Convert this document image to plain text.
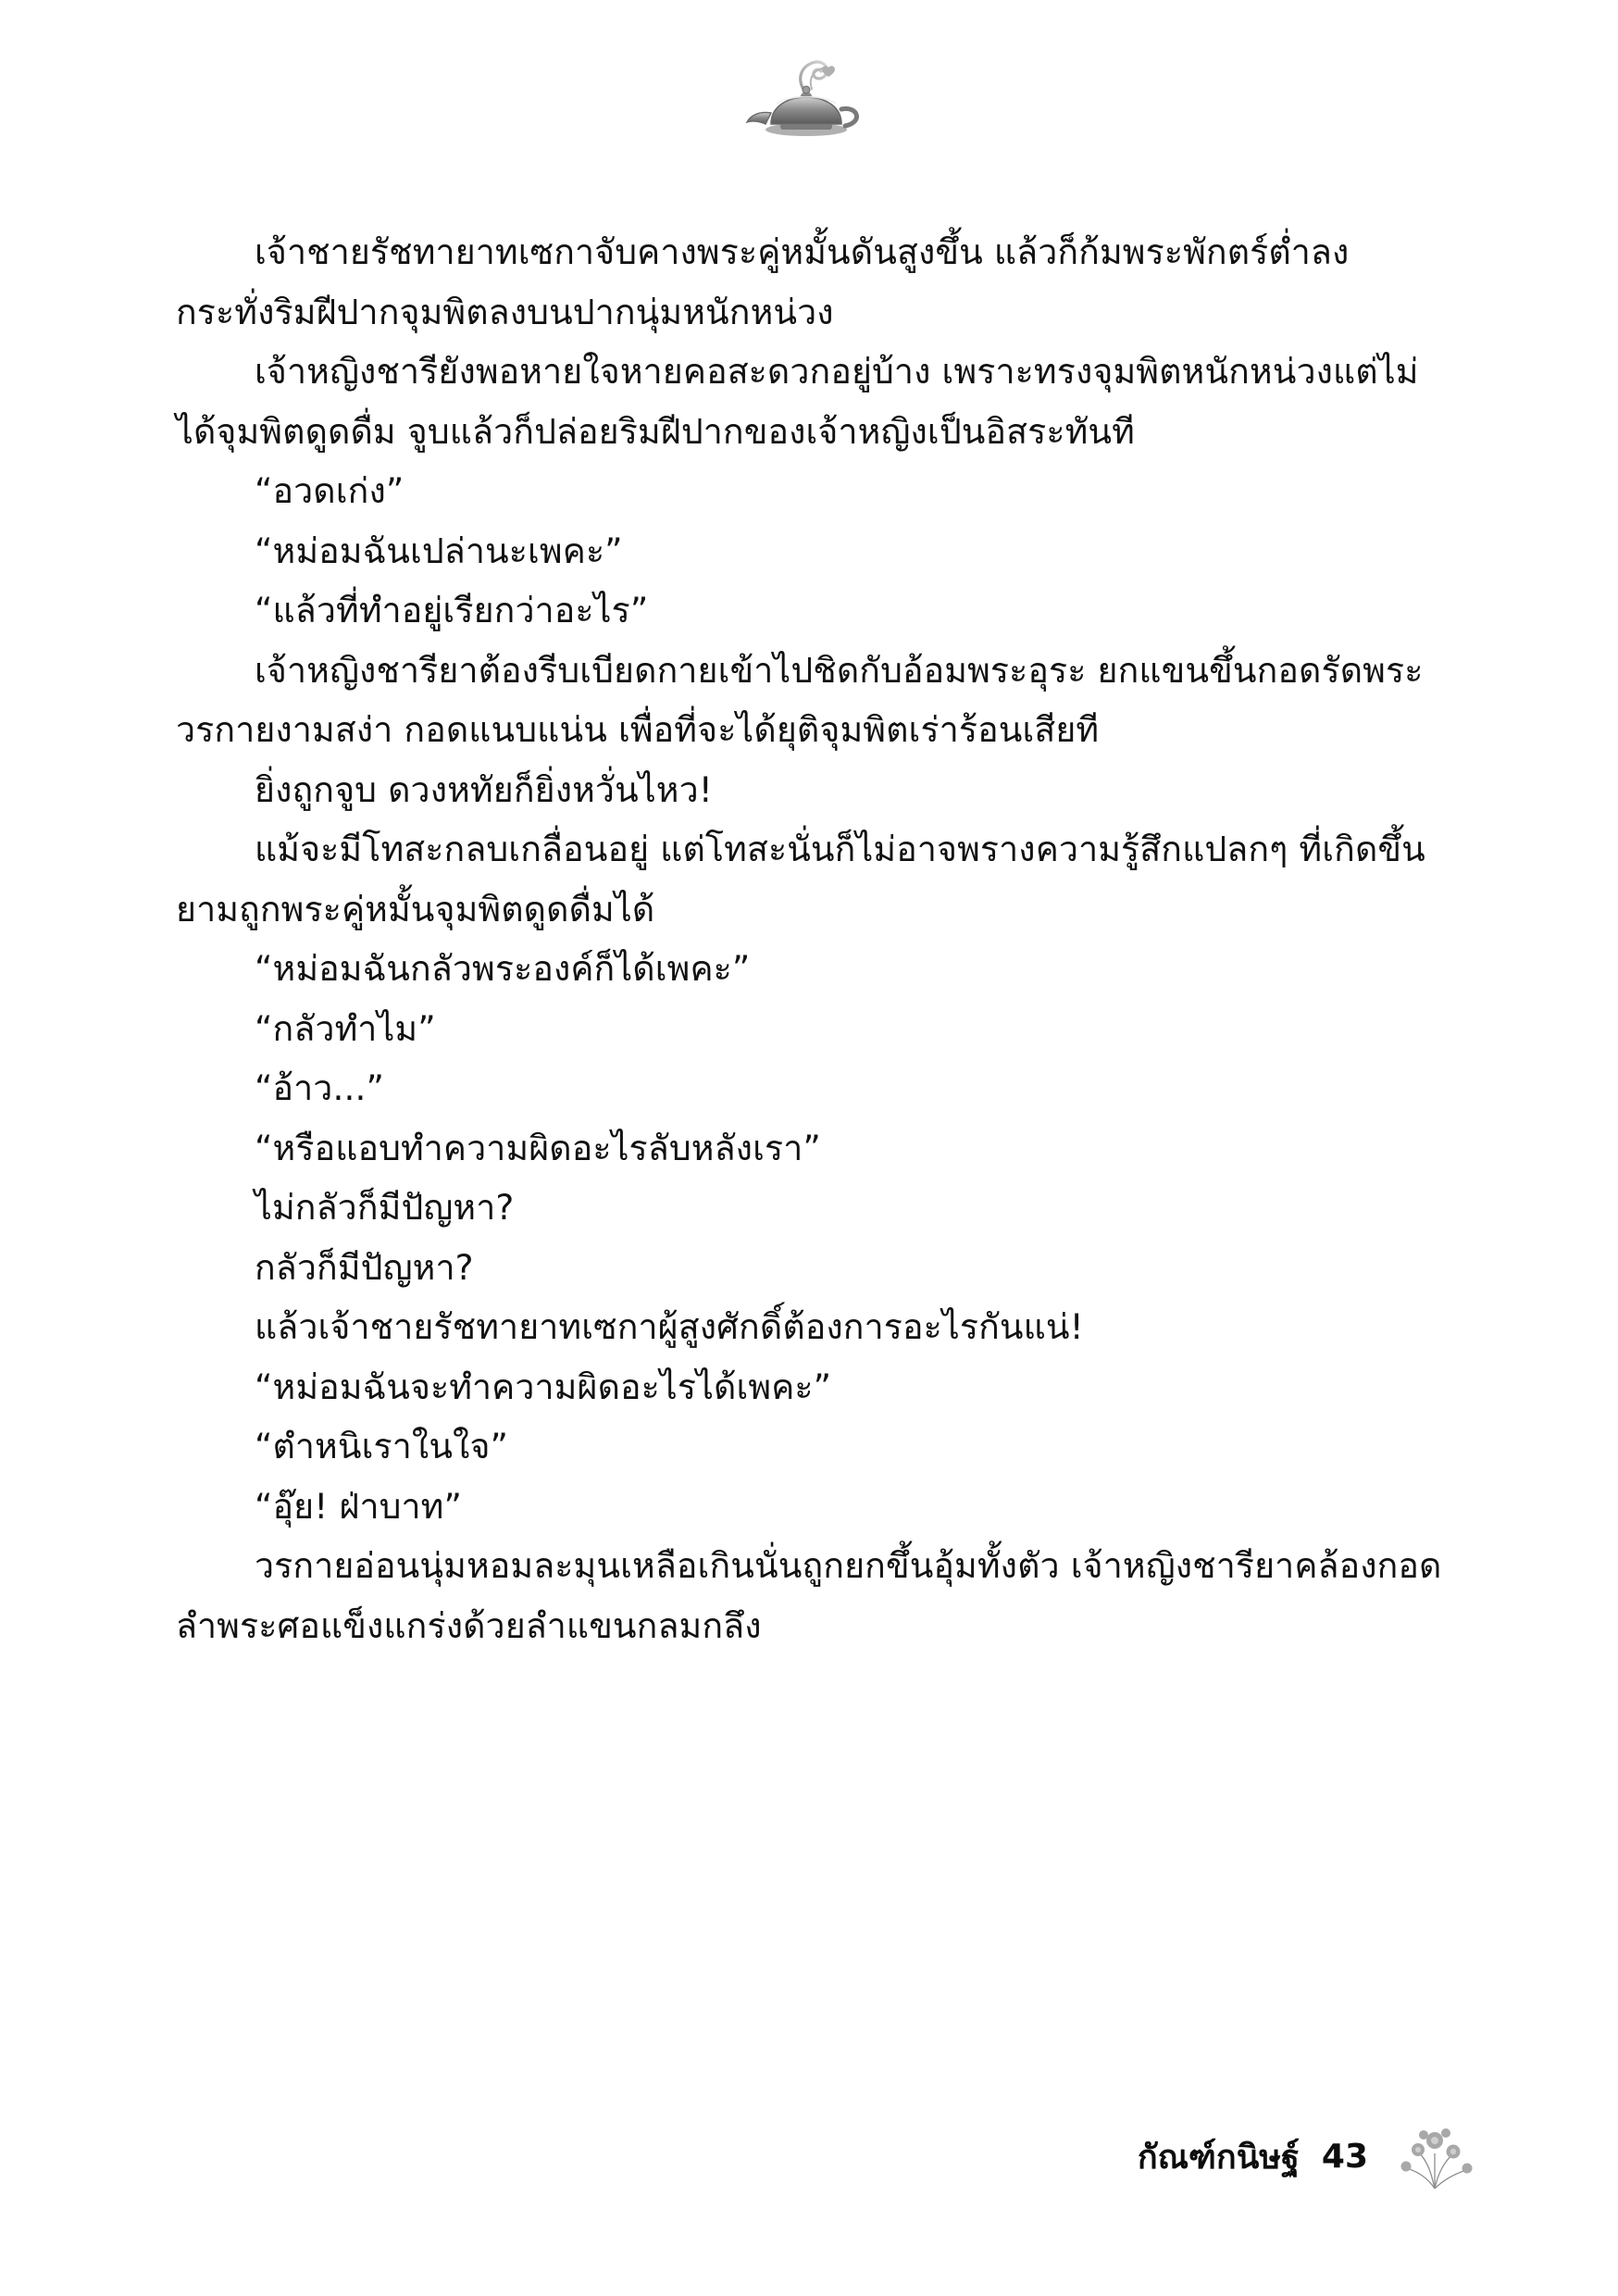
เจ้าชายรัชทายาทเซกาจับคางพระคู่หมั้นดันสูงขึ้น แล้วก็ก้มพระพักตร์ต่ำลงกระทั่งริมฝีปากจุมพิตลงบนปากนุ่มหนักหน่วง

เจ้าหญิงชารียังพอหายใจหายคอสะดวกอยู่บ้าง เพราะทรงจุมพิตหนักหน่วงแต่ไม่ได้จุมพิตดูดดื่ม จูบแล้วก็ปล่อยริมฝีปากของเจ้าหญิงเป็นอิสระทันที

“อวดเก่ง”

“หม่อมฉันเปล่านะเพคะ”

“แล้วที่ทำอยู่เรียกว่าอะไร”

เจ้าหญิงชารียาต้องรีบเบียดกายเข้าไปชิดกับอ้อมพระอุระ ยกแขนขึ้นกอดรัดพระวรกายงามสง่า กอดแนบแน่น เพื่อที่จะได้ยุติจุมพิตเร่าร้อนเสียที

ยิ่งถูกจูบ ดวงหทัยก็ยิ่งหวั่นไหว!

แม้จะมีโทสะกลบเกลื่อนอยู่ แต่โทสะนั่นก็ไม่อาจพรางความรู้สึกแปลกๆ ที่เกิดขึ้นยามถูกพระคู่หมั้นจุมพิตดูดดื่มได้

“หม่อมฉันกลัวพระองค์ก็ได้เพคะ”

“กลัวทำไม”

“อ้าว...”

“หรือแอบทำความผิดอะไรลับหลังเรา”

ไม่กลัวก็มีปัญหา?

กลัวก็มีปัญหา?

แล้วเจ้าชายรัชทายาทเซกาผู้สูงศักดิ์ต้องการอะไรกันแน่!

“หม่อมฉันจะทำความผิดอะไรได้เพคะ”

“ตำหนิเราในใจ”

“อุ๊ย! ฝ่าบาท”

วรกายอ่อนนุ่มหอมละมุนเหลือเกินนั่นถูกยกขึ้นอุ้มทั้งตัว เจ้าหญิงชารียาคล้องกอดลำพระศอแข็งแกร่งด้วยลำแขนกลมกลึง

กัณฑ์กนิษฐ์ 43
